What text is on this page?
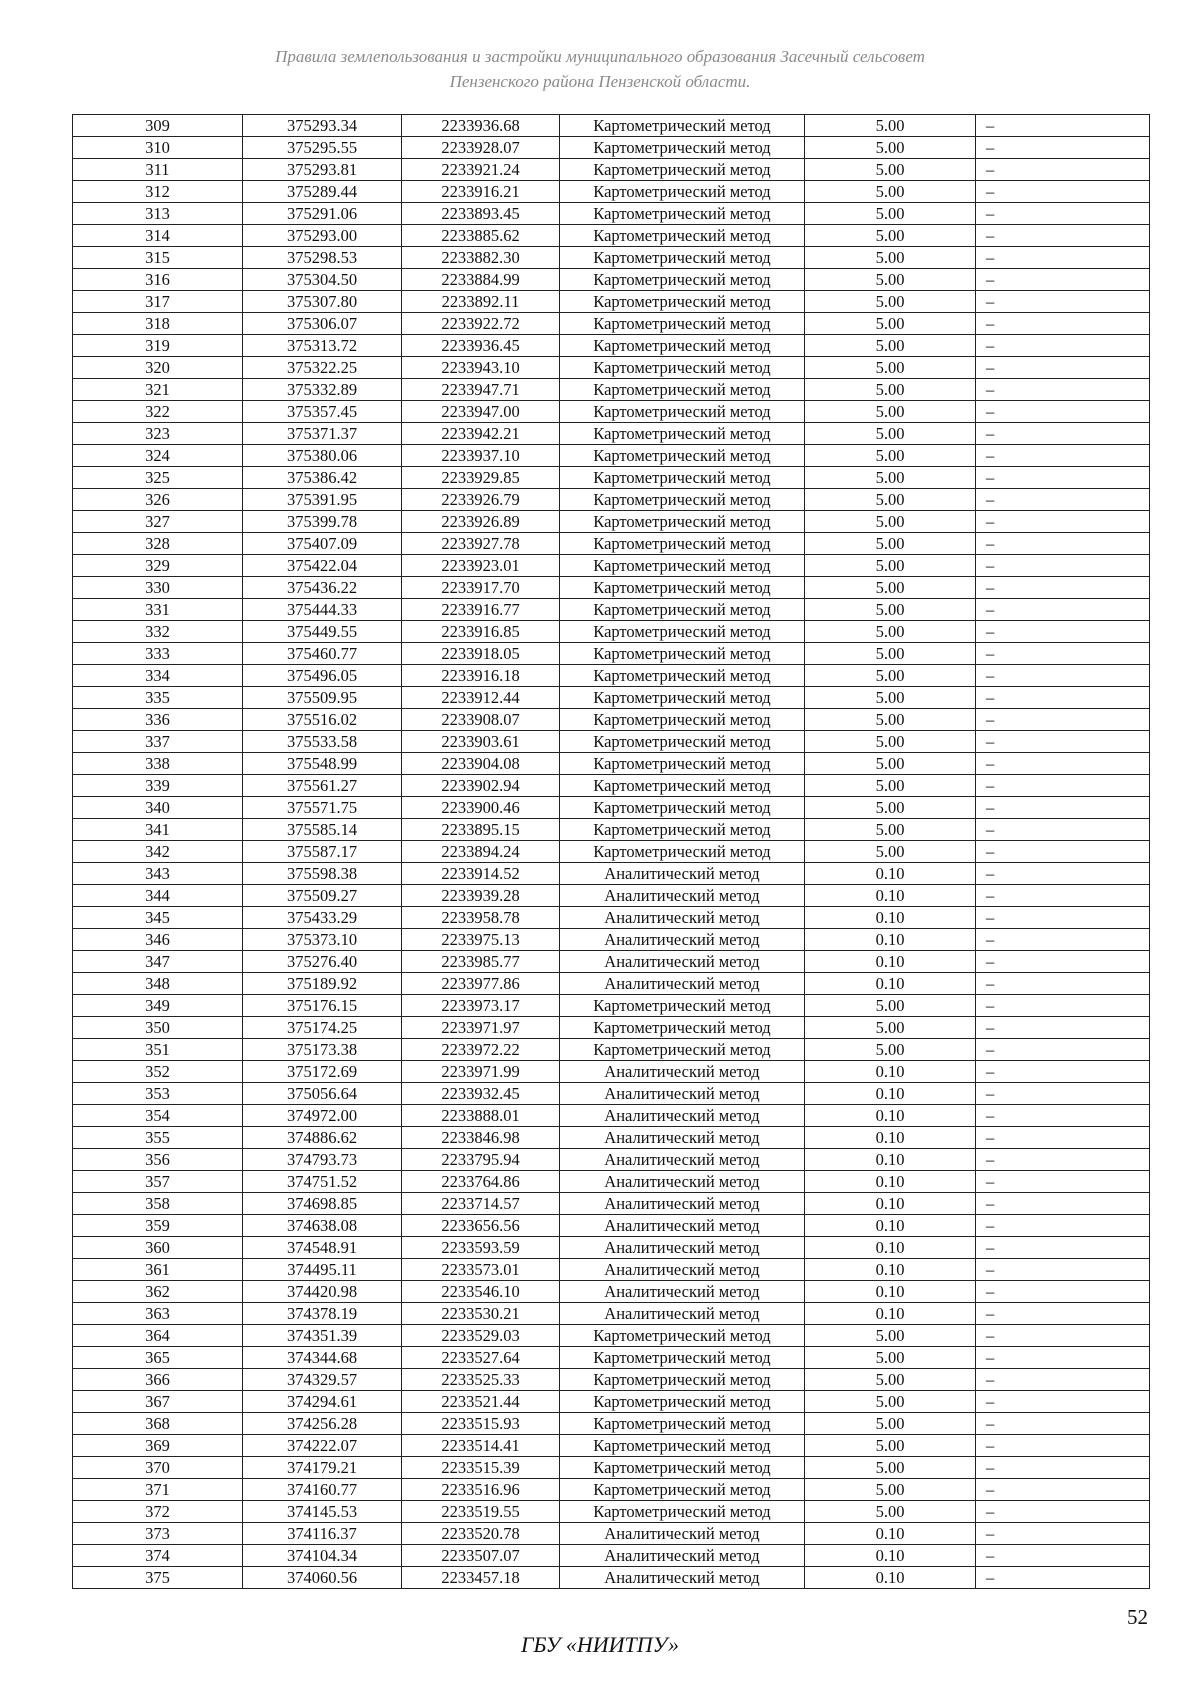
Правила землепользования и застройки муниципального образования Засечный сельсовет
Пензенского района Пензенской области.
309	375293.34	2233936.68	Картометрический метод	5.00	–
310	375295.55	2233928.07	Картометрический метод	5.00	–
311	375293.81	2233921.24	Картометрический метод	5.00	–
312	375289.44	2233916.21	Картометрический метод	5.00	–
313	375291.06	2233893.45	Картометрический метод	5.00	–
314	375293.00	2233885.62	Картометрический метод	5.00	–
315	375298.53	2233882.30	Картометрический метод	5.00	–
316	375304.50	2233884.99	Картометрический метод	5.00	–
317	375307.80	2233892.11	Картометрический метод	5.00	–
318	375306.07	2233922.72	Картометрический метод	5.00	–
319	375313.72	2233936.45	Картометрический метод	5.00	–
320	375322.25	2233943.10	Картометрический метод	5.00	–
321	375332.89	2233947.71	Картометрический метод	5.00	–
322	375357.45	2233947.00	Картометрический метод	5.00	–
323	375371.37	2233942.21	Картометрический метод	5.00	–
324	375380.06	2233937.10	Картометрический метод	5.00	–
325	375386.42	2233929.85	Картометрический метод	5.00	–
326	375391.95	2233926.79	Картометрический метод	5.00	–
327	375399.78	2233926.89	Картометрический метод	5.00	–
328	375407.09	2233927.78	Картометрический метод	5.00	–
329	375422.04	2233923.01	Картометрический метод	5.00	–
330	375436.22	2233917.70	Картометрический метод	5.00	–
331	375444.33	2233916.77	Картометрический метод	5.00	–
332	375449.55	2233916.85	Картометрический метод	5.00	–
333	375460.77	2233918.05	Картометрический метод	5.00	–
334	375496.05	2233916.18	Картометрический метод	5.00	–
335	375509.95	2233912.44	Картометрический метод	5.00	–
336	375516.02	2233908.07	Картометрический метод	5.00	–
337	375533.58	2233903.61	Картометрический метод	5.00	–
338	375548.99	2233904.08	Картометрический метод	5.00	–
339	375561.27	2233902.94	Картометрический метод	5.00	–
340	375571.75	2233900.46	Картометрический метод	5.00	–
341	375585.14	2233895.15	Картометрический метод	5.00	–
342	375587.17	2233894.24	Картометрический метод	5.00	–
343	375598.38	2233914.52	Аналитический метод	0.10	–
344	375509.27	2233939.28	Аналитический метод	0.10	–
345	375433.29	2233958.78	Аналитический метод	0.10	–
346	375373.10	2233975.13	Аналитический метод	0.10	–
347	375276.40	2233985.77	Аналитический метод	0.10	–
348	375189.92	2233977.86	Аналитический метод	0.10	–
349	375176.15	2233973.17	Картометрический метод	5.00	–
350	375174.25	2233971.97	Картометрический метод	5.00	–
351	375173.38	2233972.22	Картометрический метод	5.00	–
352	375172.69	2233971.99	Аналитический метод	0.10	–
353	375056.64	2233932.45	Аналитический метод	0.10	–
354	374972.00	2233888.01	Аналитический метод	0.10	–
355	374886.62	2233846.98	Аналитический метод	0.10	–
356	374793.73	2233795.94	Аналитический метод	0.10	–
357	374751.52	2233764.86	Аналитический метод	0.10	–
358	374698.85	2233714.57	Аналитический метод	0.10	–
359	374638.08	2233656.56	Аналитический метод	0.10	–
360	374548.91	2233593.59	Аналитический метод	0.10	–
361	374495.11	2233573.01	Аналитический метод	0.10	–
362	374420.98	2233546.10	Аналитический метод	0.10	–
363	374378.19	2233530.21	Аналитический метод	0.10	–
364	374351.39	2233529.03	Картометрический метод	5.00	–
365	374344.68	2233527.64	Картометрический метод	5.00	–
366	374329.57	2233525.33	Картометрический метод	5.00	–
367	374294.61	2233521.44	Картометрический метод	5.00	–
368	374256.28	2233515.93	Картометрический метод	5.00	–
369	374222.07	2233514.41	Картометрический метод	5.00	–
370	374179.21	2233515.39	Картометрический метод	5.00	–
371	374160.77	2233516.96	Картометрический метод	5.00	–
372	374145.53	2233519.55	Картометрический метод	5.00	–
373	374116.37	2233520.78	Аналитический метод	0.10	–
374	374104.34	2233507.07	Аналитический метод	0.10	–
375	374060.56	2233457.18	Аналитический метод	0.10	–
52
ГБУ «НИИТПУ»
